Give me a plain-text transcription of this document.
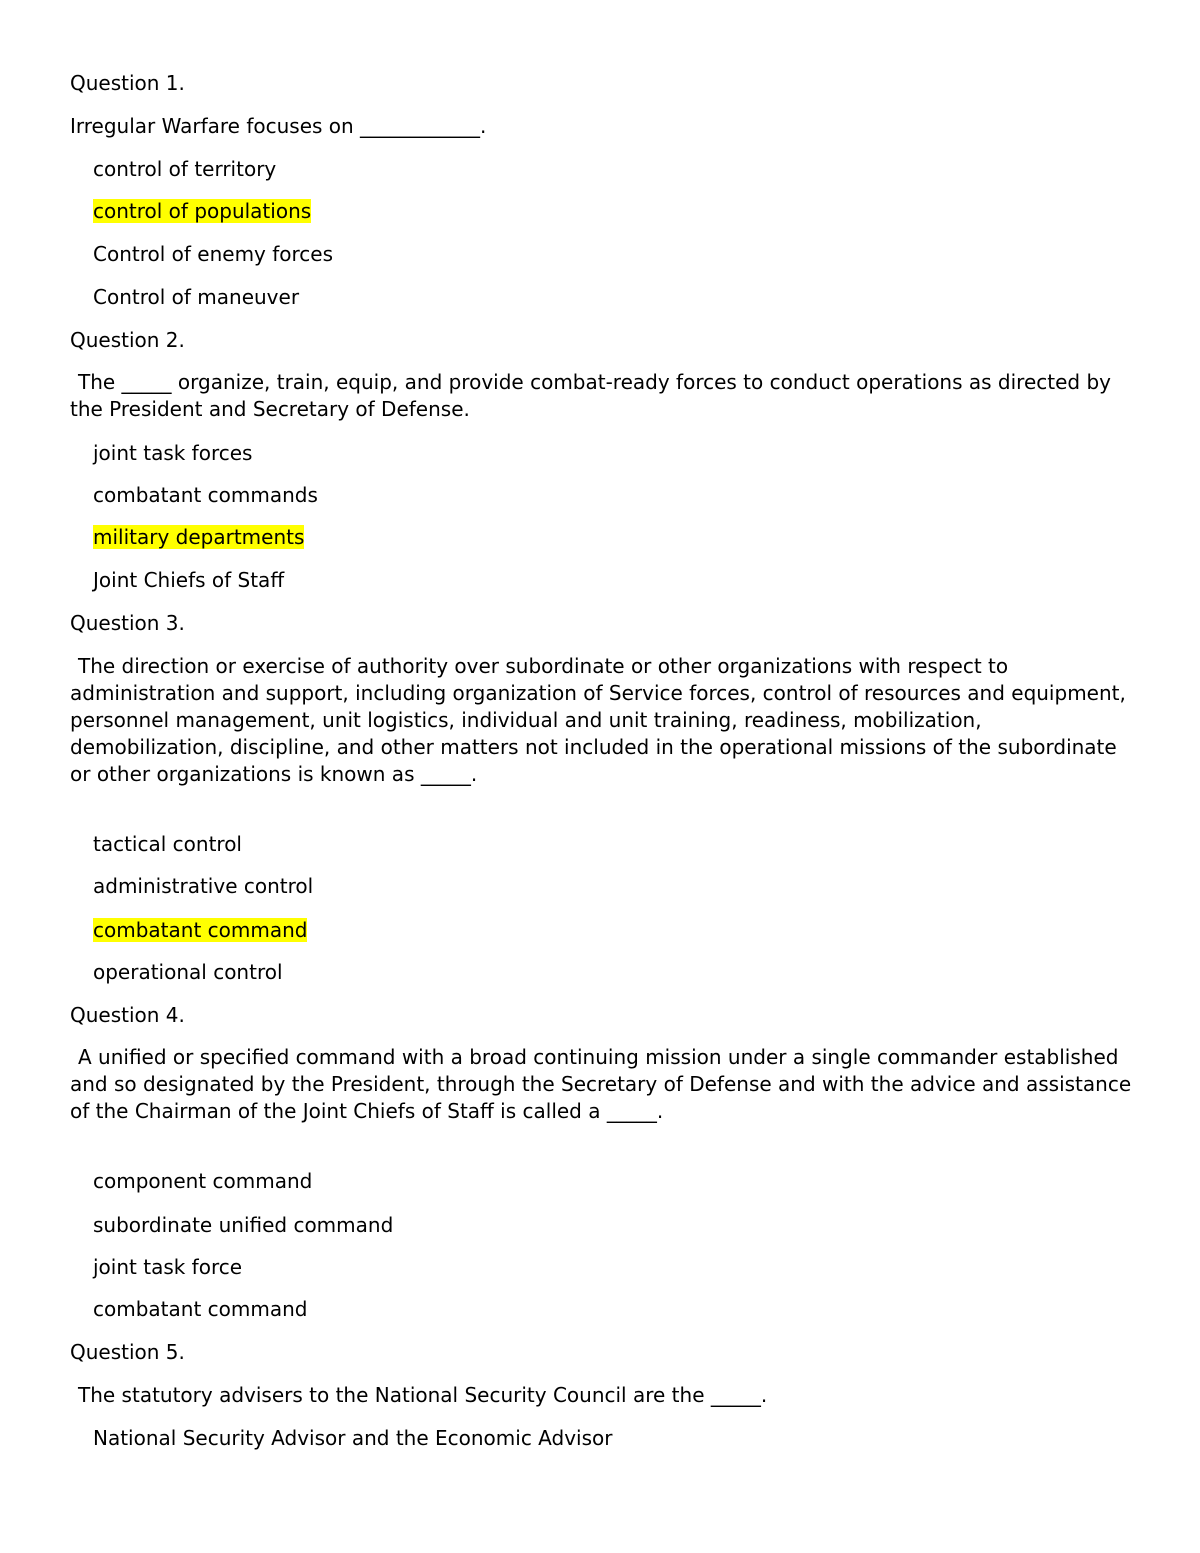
Question 1.

Irregular Warfare focuses on ____________.

control of territory

control of populations

Control of enemy forces

Control of maneuver

Question 2.

The _____ organize, train, equip, and provide combat-ready forces to conduct operations as directed by the President and Secretary of Defense.

joint task forces

combatant commands

military departments

Joint Chiefs of Staff

Question 3.

The direction or exercise of authority over subordinate or other organizations with respect to administration and support, including organization of Service forces, control of resources and equipment, personnel management, unit logistics, individual and unit training, readiness, mobilization, demobilization, discipline, and other matters not included in the operational missions of the subordinate or other organizations is known as _____.

tactical control

administrative control

combatant command

operational control

Question 4.

A unified or specified command with a broad continuing mission under a single commander established and so designated by the President, through the Secretary of Defense and with the advice and assistance of the Chairman of the Joint Chiefs of Staff is called a _____.

component command

subordinate unified command

joint task force

combatant command

Question 5.

The statutory advisers to the National Security Council are the _____.

National Security Advisor and the Economic Advisor
